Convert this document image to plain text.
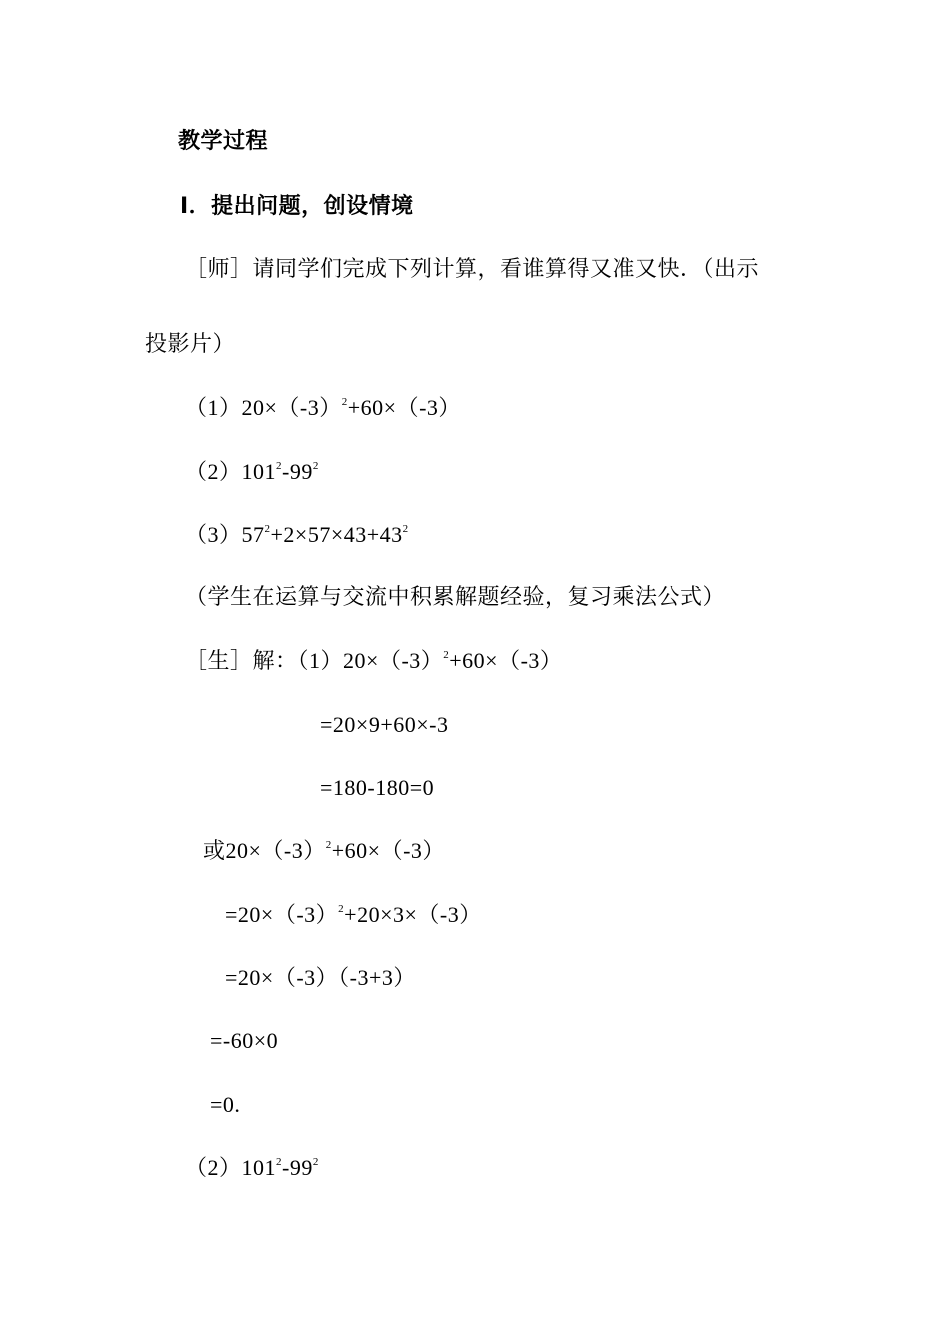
教学过程
Ⅰ．提出问题，创设情境
［师］请同学们完成下列计算，看谁算得又准又快．（出示
投影片）
$(1)20\times(-3)^2+60\times(-3)$
$(2)101^2-99^2$
$(3)57^2+2\times 57\times 43+43^2$
（学生在运算与交流中积累解题经验，复习乘法公式）
［生］解：$(1)20\times(-3)^2+60\times(-3)$
=20×9+60×-3
=180-180=0
或$20\times(-3)^2+60\times(-3)$
$=20\times(-3)^2+20\times 3\times(-3)$
=20×（-3）（-3+3）
=-60×0
=0.
$(2)101^2-99^2$
